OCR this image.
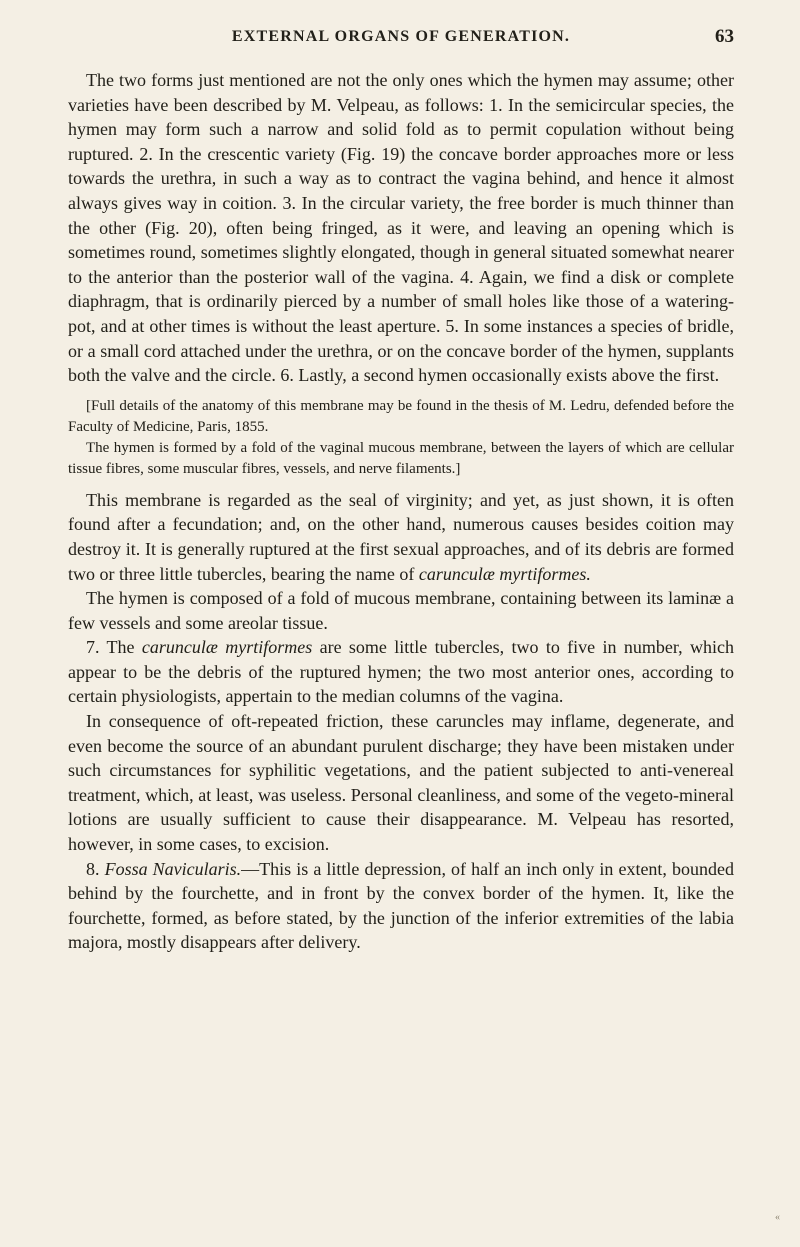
EXTERNAL ORGANS OF GENERATION.	63

The two forms just mentioned are not the only ones which the hymen may assume; other varieties have been described by M. Velpeau, as follows: 1. In the semicircular species, the hymen may form such a narrow and solid fold as to permit copulation without being ruptured. 2. In the crescentic variety (Fig. 19) the concave border approaches more or less towards the urethra, in such a way as to contract the vagina behind, and hence it almost always gives way in coition. 3. In the circular variety, the free border is much thinner than the other (Fig. 20), often being fringed, as it were, and leaving an opening which is sometimes round, sometimes slightly elongated, though in general situated somewhat nearer to the anterior than the posterior wall of the vagina. 4. Again, we find a disk or complete diaphragm, that is ordinarily pierced by a number of small holes like those of a watering-pot, and at other times is without the least aperture. 5. In some instances a species of bridle, or a small cord attached under the urethra, or on the concave border of the hymen, supplants both the valve and the circle. 6. Lastly, a second hymen occasionally exists above the first.

[Full details of the anatomy of this membrane may be found in the thesis of M. Ledru, defended before the Faculty of Medicine, Paris, 1855.

The hymen is formed by a fold of the vaginal mucous membrane, between the layers of which are cellular tissue fibres, some muscular fibres, vessels, and nerve filaments.]

This membrane is regarded as the seal of virginity; and yet, as just shown, it is often found after a fecundation; and, on the other hand, numerous causes besides coition may destroy it. It is generally ruptured at the first sexual approaches, and of its debris are formed two or three little tubercles, bearing the name of carunculæ myrtiformes.

The hymen is composed of a fold of mucous membrane, containing between its laminæ a few vessels and some areolar tissue.

7. The carunculæ myrtiformes are some little tubercles, two to five in number, which appear to be the debris of the ruptured hymen; the two most anterior ones, according to certain physiologists, appertain to the median columns of the vagina.

In consequence of oft-repeated friction, these caruncles may inflame, degenerate, and even become the source of an abundant purulent discharge; they have been mistaken under such circumstances for syphilitic vegetations, and the patient subjected to anti-venereal treatment, which, at least, was useless. Personal cleanliness, and some of the vegeto-mineral lotions are usually sufficient to cause their disappearance. M. Velpeau has resorted, however, in some cases, to excision.

8. Fossa Navicularis.—This is a little depression, of half an inch only in extent, bounded behind by the fourchette, and in front by the convex border of the hymen. It, like the fourchette, formed, as before stated, by the junction of the inferior extremities of the labia majora, mostly disappears after delivery.

«
